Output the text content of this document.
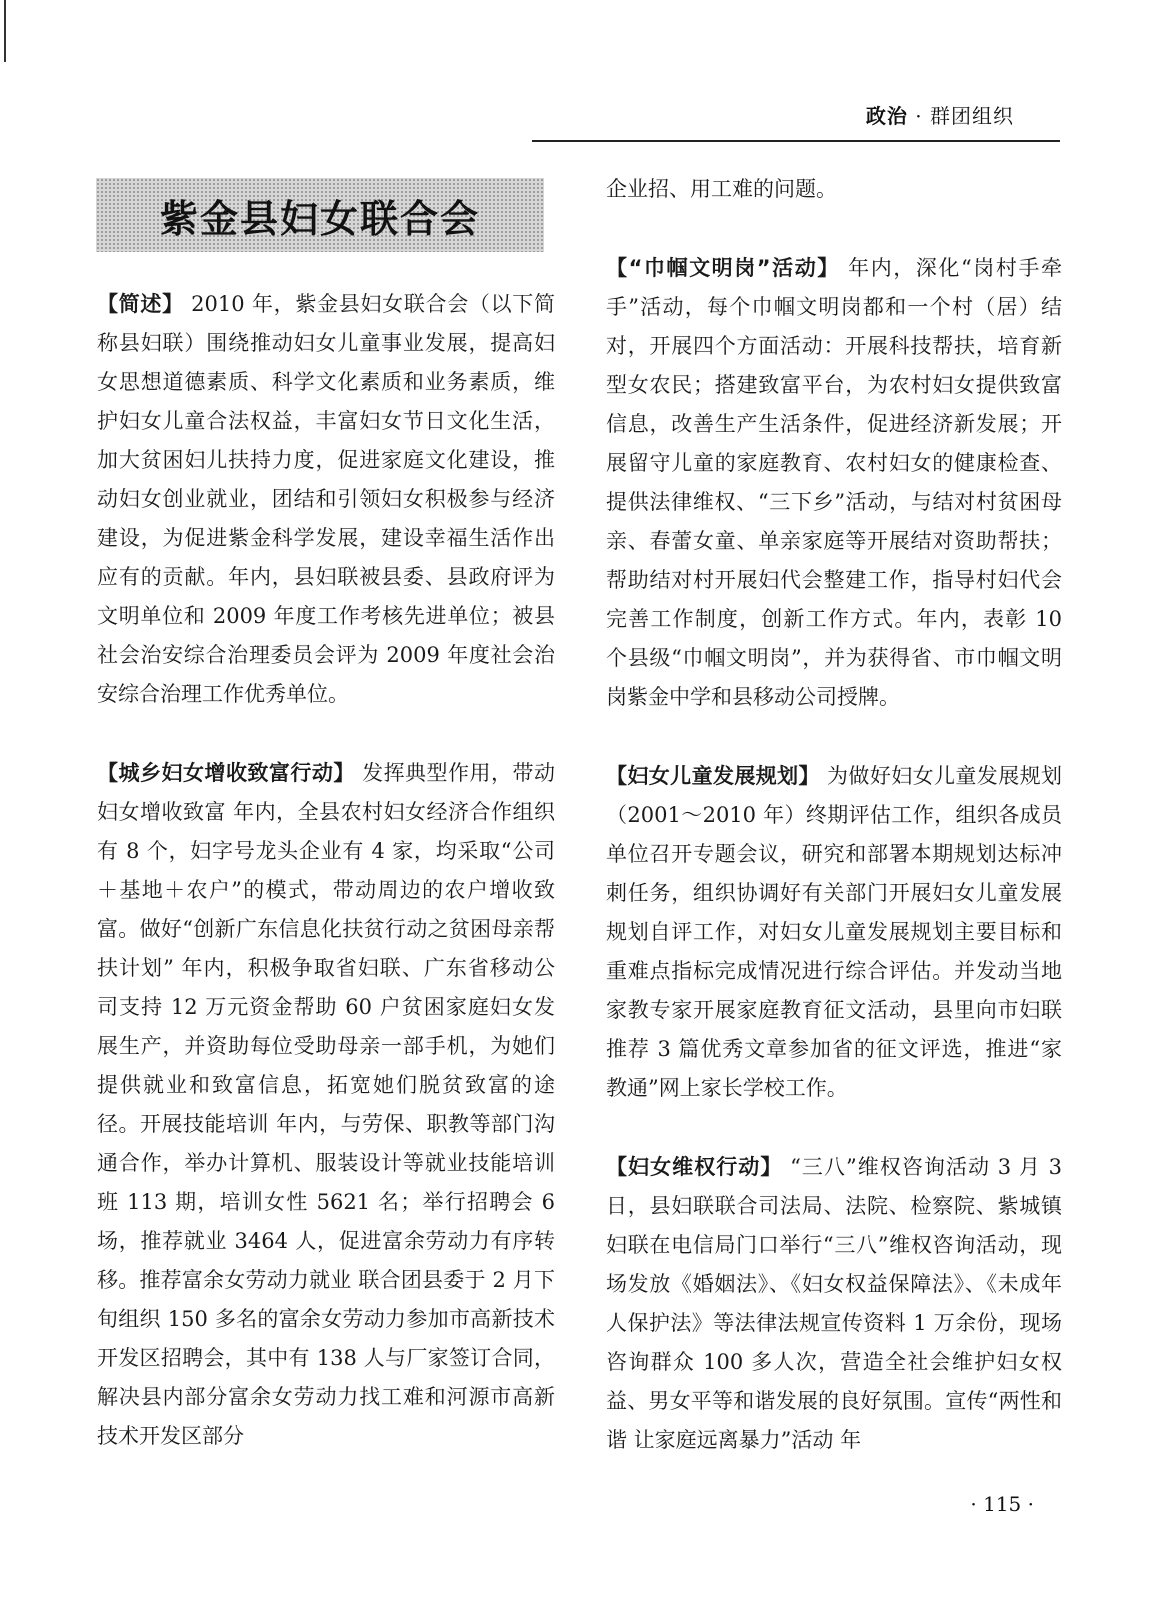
政治 · 群团组织
紫金县妇女联合会

【简述】 2010 年，紫金县妇女联合会（以下简称县妇联）围绕推动妇女儿童事业发展，提高妇女思想道德素质、科学文化素质和业务素质，维护妇女儿童合法权益，丰富妇女节日文化生活，加大贫困妇儿扶持力度，促进家庭文化建设，推动妇女创业就业，团结和引领妇女积极参与经济建设，为促进紫金科学发展，建设幸福生活作出应有的贡献。年内，县妇联被县委、县政府评为文明单位和 2009 年度工作考核先进单位；被县社会治安综合治理委员会评为 2009 年度社会治安综合治理工作优秀单位。

【城乡妇女增收致富行动】 发挥典型作用，带动妇女增收致富 年内，全县农村妇女经济合作组织有 8 个，妇字号龙头企业有 4 家，均采取“公司＋基地＋农户”的模式，带动周边的农户增收致富。做好“创新广东信息化扶贫行动之贫困母亲帮扶计划” 年内，积极争取省妇联、广东省移动公司支持 12 万元资金帮助 60 户贫困家庭妇女发展生产，并资助每位受助母亲一部手机，为她们提供就业和致富信息，拓宽她们脱贫致富的途径。开展技能培训 年内，与劳保、职教等部门沟通合作，举办计算机、服装设计等就业技能培训班 113 期，培训女性 5621 名；举行招聘会 6 场，推荐就业 3464 人，促进富余劳动力有序转移。推荐富余女劳动力就业 联合团县委于 2 月下旬组织 150 多名的富余女劳动力参加市高新技术开发区招聘会，其中有 138 人与厂家签订合同，解决县内部分富余女劳动力找工难和河源市高新技术开发区部分

企业招、用工难的问题。

【“巾帼文明岗”活动】 年内，深化“岗村手牵手”活动，每个巾帼文明岗都和一个村（居）结对，开展四个方面活动：开展科技帮扶，培育新型女农民；搭建致富平台，为农村妇女提供致富信息，改善生产生活条件，促进经济新发展；开展留守儿童的家庭教育、农村妇女的健康检查、提供法律维权、“三下乡”活动，与结对村贫困母亲、春蕾女童、单亲家庭等开展结对资助帮扶；帮助结对村开展妇代会整建工作，指导村妇代会完善工作制度，创新工作方式。年内，表彰 10 个县级“巾帼文明岗”，并为获得省、市巾帼文明岗紫金中学和县移动公司授牌。

【妇女儿童发展规划】 为做好妇女儿童发展规划（2001～2010 年）终期评估工作，组织各成员单位召开专题会议，研究和部署本期规划达标冲刺任务，组织协调好有关部门开展妇女儿童发展规划自评工作，对妇女儿童发展规划主要目标和重难点指标完成情况进行综合评估。并发动当地家教专家开展家庭教育征文活动，县里向市妇联推荐 3 篇优秀文章参加省的征文评选，推进“家教通”网上家长学校工作。

【妇女维权行动】 “三八”维权咨询活动 3 月 3 日，县妇联联合司法局、法院、检察院、紫城镇妇联在电信局门口举行“三八”维权咨询活动，现场发放《婚姻法》、《妇女权益保障法》、《未成年人保护法》等法律法规宣传资料 1 万余份，现场咨询群众 100 多人次，营造全社会维护妇女权益、男女平等和谐发展的良好氛围。宣传“两性和谐 让家庭远离暴力”活动 年

· 115 ·
